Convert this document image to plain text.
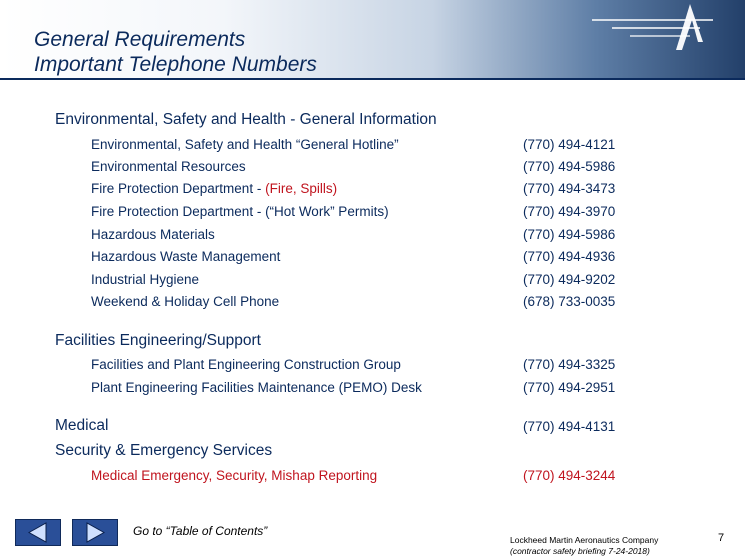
General Requirements
Important Telephone Numbers
Environmental, Safety and Health - General Information
Environmental, Safety and Health “General Hotline”	(770) 494-4121
Environmental Resources	(770) 494-5986
Fire Protection Department - (Fire, Spills)	(770) 494-3473
Fire Protection Department - (“Hot Work” Permits)	(770) 494-3970
Hazardous Materials	(770) 494-5986
Hazardous Waste Management	(770) 494-4936
Industrial Hygiene	(770) 494-9202
Weekend & Holiday Cell Phone	(678) 733-0035
Facilities Engineering/Support
Facilities and Plant Engineering Construction Group	(770) 494-3325
Plant Engineering Facilities Maintenance (PEMO) Desk	(770) 494-2951
Medical	(770) 494-4131
Security & Emergency Services
Medical Emergency, Security, Mishap Reporting	(770) 494-3244
Go to “Table of Contents”
Lockheed Martin Aeronautics Company
(contractor safety briefing 7-24-2018)
7
